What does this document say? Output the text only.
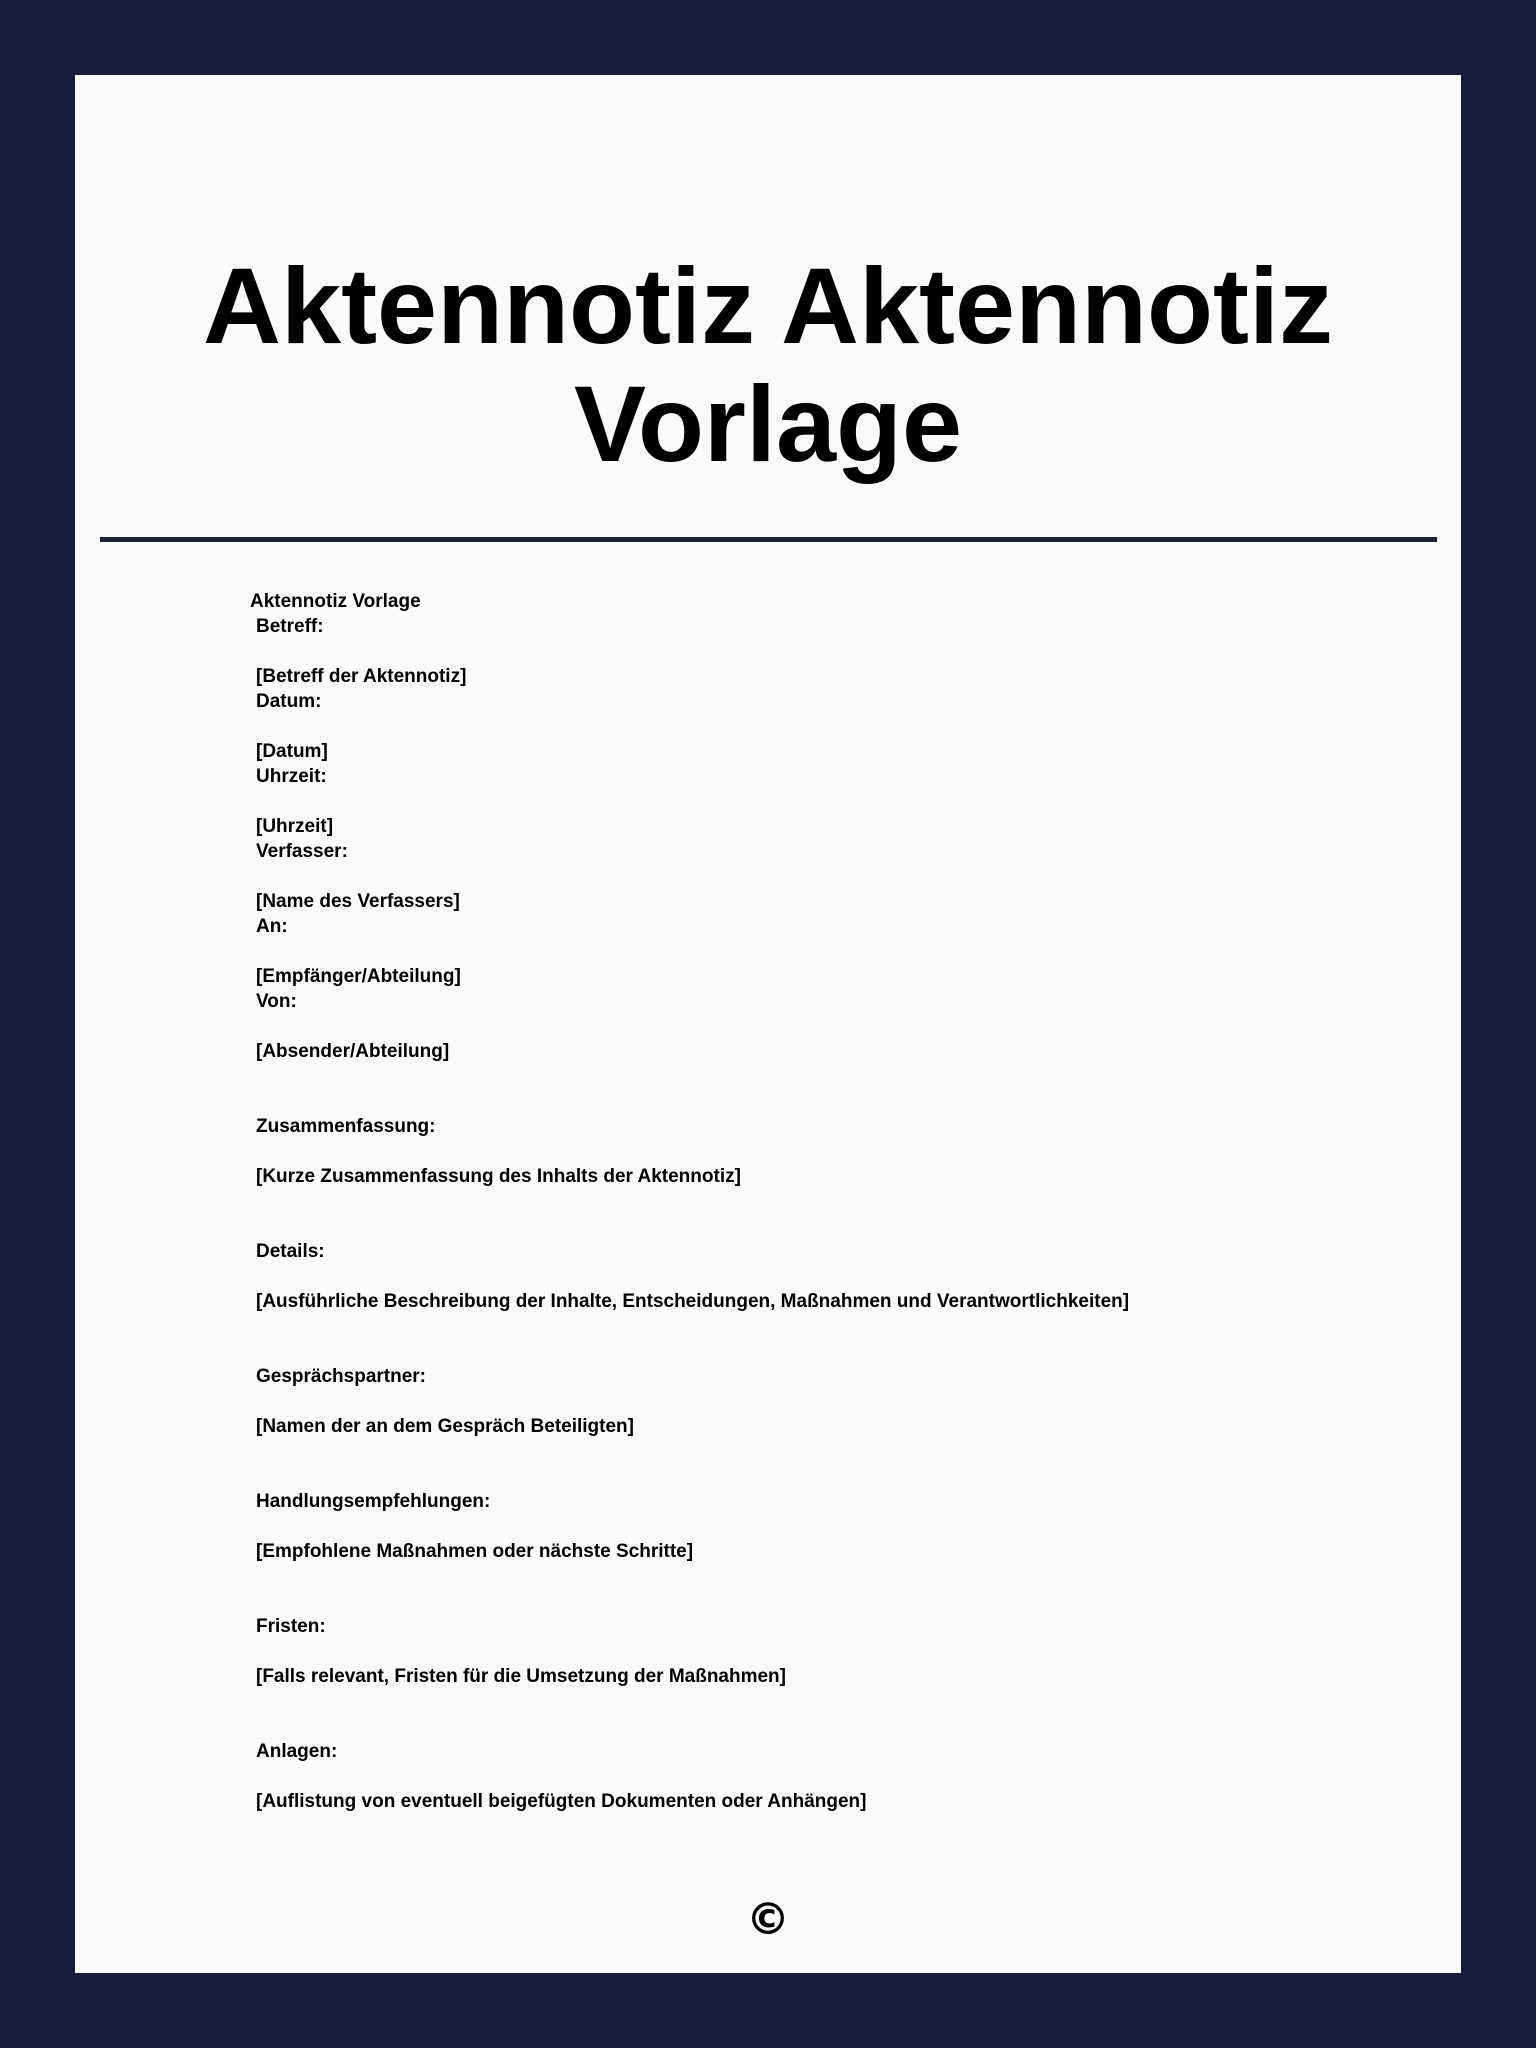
Aktennotiz Aktennotiz Vorlage
Aktennotiz Vorlage
Betreff:
[Betreff der Aktennotiz]
Datum:
[Datum]
Uhrzeit:
[Uhrzeit]
Verfasser:
[Name des Verfassers]
An:
[Empfänger/Abteilung]
Von:
[Absender/Abteilung]
Zusammenfassung:
[Kurze Zusammenfassung des Inhalts der Aktennotiz]
Details:
[Ausführliche Beschreibung der Inhalte, Entscheidungen, Maßnahmen und Verantwortlichkeiten]
Gesprächspartner:
[Namen der an dem Gespräch Beteiligten]
Handlungsempfehlungen:
[Empfohlene Maßnahmen oder nächste Schritte]
Fristen:
[Falls relevant, Fristen für die Umsetzung der Maßnahmen]
Anlagen:
[Auflistung von eventuell beigefügten Dokumenten oder Anhängen]
©
